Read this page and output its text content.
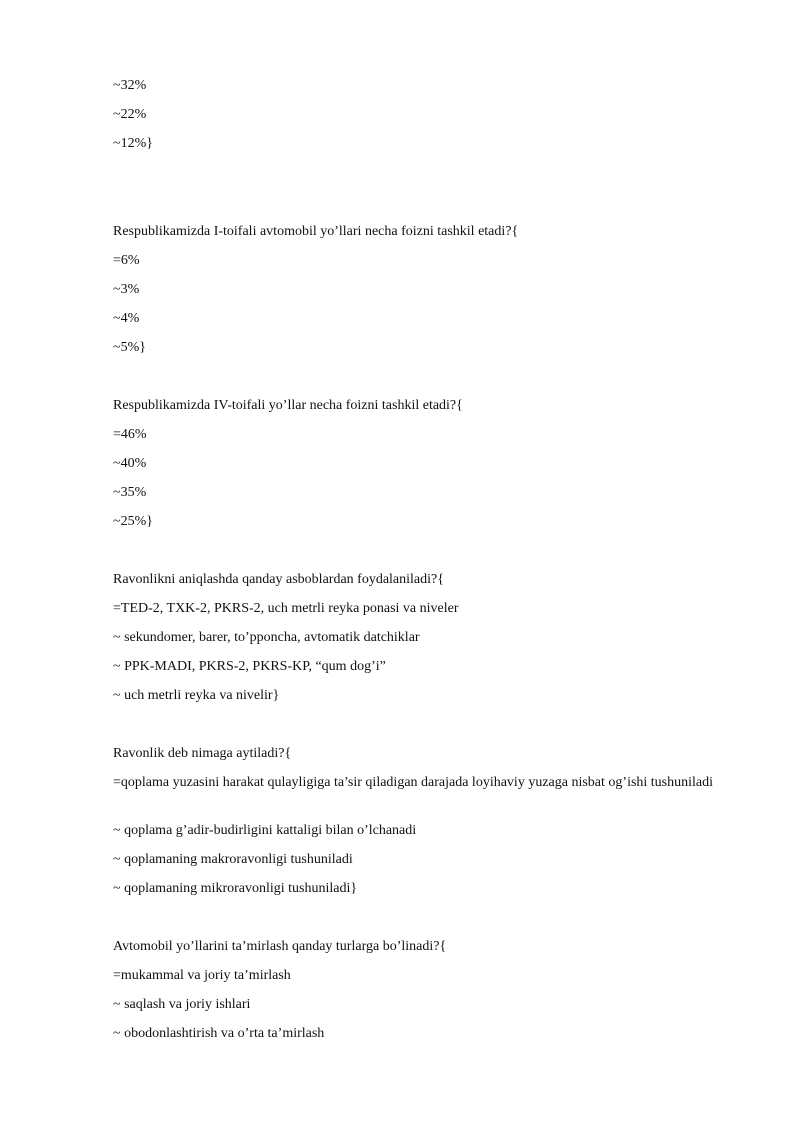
~32%
~22%
~12%}
Respublikamizda I-toifali avtomobil yo’llari necha foizni tashkil etadi?{
=6%
~3%
~4%
~5%}
Respublikamizda IV-toifali yo’llar necha foizni tashkil etadi?{
=46%
~40%
~35%
~25%}
Ravonlikni aniqlashda qanday asboblardan foydalaniladi?{
=TED-2, TXK-2, PKRS-2, uch metrli reyka ponasi va niveler
~ sekundomer, barer, to’pponcha, avtomatik datchiklar
~ PPK-MADI, PKRS-2, PKRS-KP, “qum dog’i”
~ uch metrli reyka va nivelir}
Ravonlik deb nimaga aytiladi?{
=qoplama yuzasini harakat qulayligiga ta’sir qiladigan darajada loyihaviy yuzaga nisbat og’ishi tushuniladi
~ qoplama g’adir-budirligini kattaligi bilan o’lchanadi
~ qoplamaning makroravonligi tushuniladi
~ qoplamaning mikroravonligi tushuniladi}
Avtomobil yo’llarini ta’mirlash qanday turlarga bo’linadi?{
=mukammal va joriy ta’mirlash
~ saqlash va joriy ishlari
~ obodonlashtirish va o’rta ta’mirlash
